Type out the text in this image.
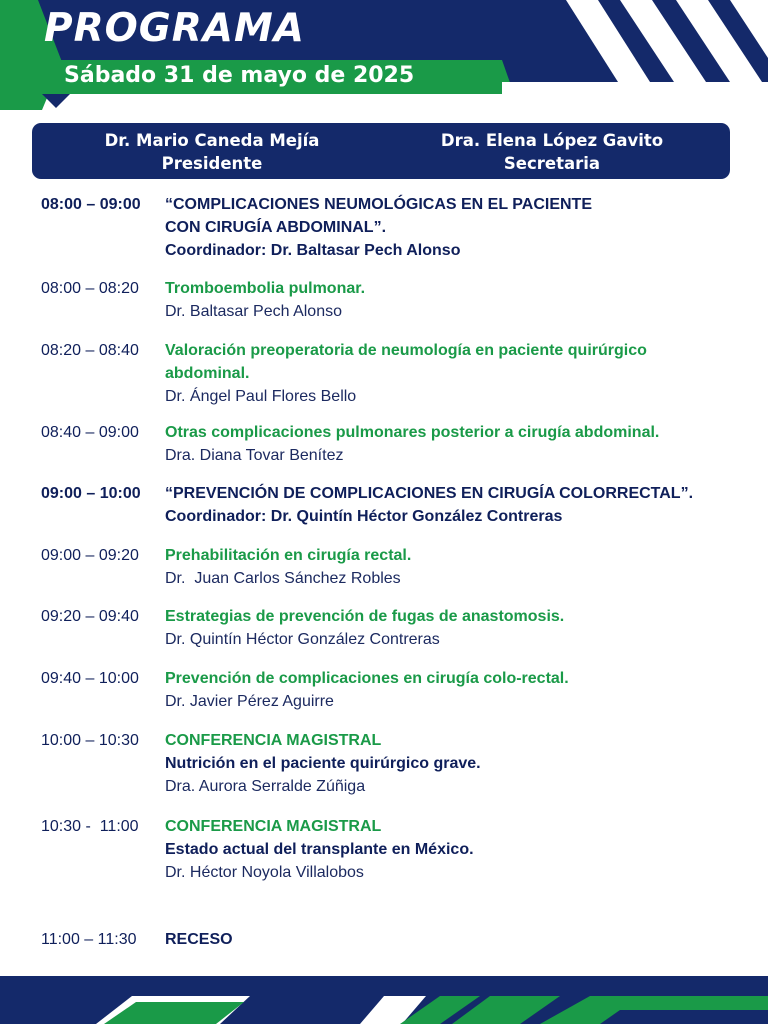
PROGRAMA
Sábado 31 de mayo de 2025
Dr. Mario Caneda Mejía
Presidente
Dra. Elena López Gavito
Secretaria
08:00 – 09:00 “COMPLICACIONES NEUMOLÓGICAS EN EL PACIENTE
CON CIRUGÍA ABDOMINAL”.
Coordinador: Dr. Baltasar Pech Alonso
08:00 – 08:20 Tromboembolia pulmonar.
Dr. Baltasar Pech Alonso
08:20 – 08:40 Valoración preoperatoria de neumología en paciente quirúrgico
abdominal.
Dr. Ángel Paul Flores Bello
08:40 – 09:00 Otras complicaciones pulmonares posterior a cirugía abdominal.
Dra. Diana Tovar Benítez
09:00 – 10:00 “PREVENCIÓN DE COMPLICACIONES EN CIRUGÍA COLORRECTAL”.
Coordinador: Dr. Quintín Héctor González Contreras
09:00 – 09:20 Prehabilitación en cirugía rectal.
Dr.  Juan Carlos Sánchez Robles
09:20 – 09:40 Estrategias de prevención de fugas de anastomosis.
Dr. Quintín Héctor González Contreras
09:40 – 10:00 Prevención de complicaciones en cirugía colo-rectal.
Dr. Javier Pérez Aguirre
10:00 – 10:30 CONFERENCIA MAGISTRAL
Nutrición en el paciente quirúrgico grave.
Dra. Aurora Serralde Zúñiga
10:30 -  11:00 CONFERENCIA MAGISTRAL
Estado actual del transplante en México.
Dr. Héctor Noyola Villalobos
11:00 – 11:30 RECESO
